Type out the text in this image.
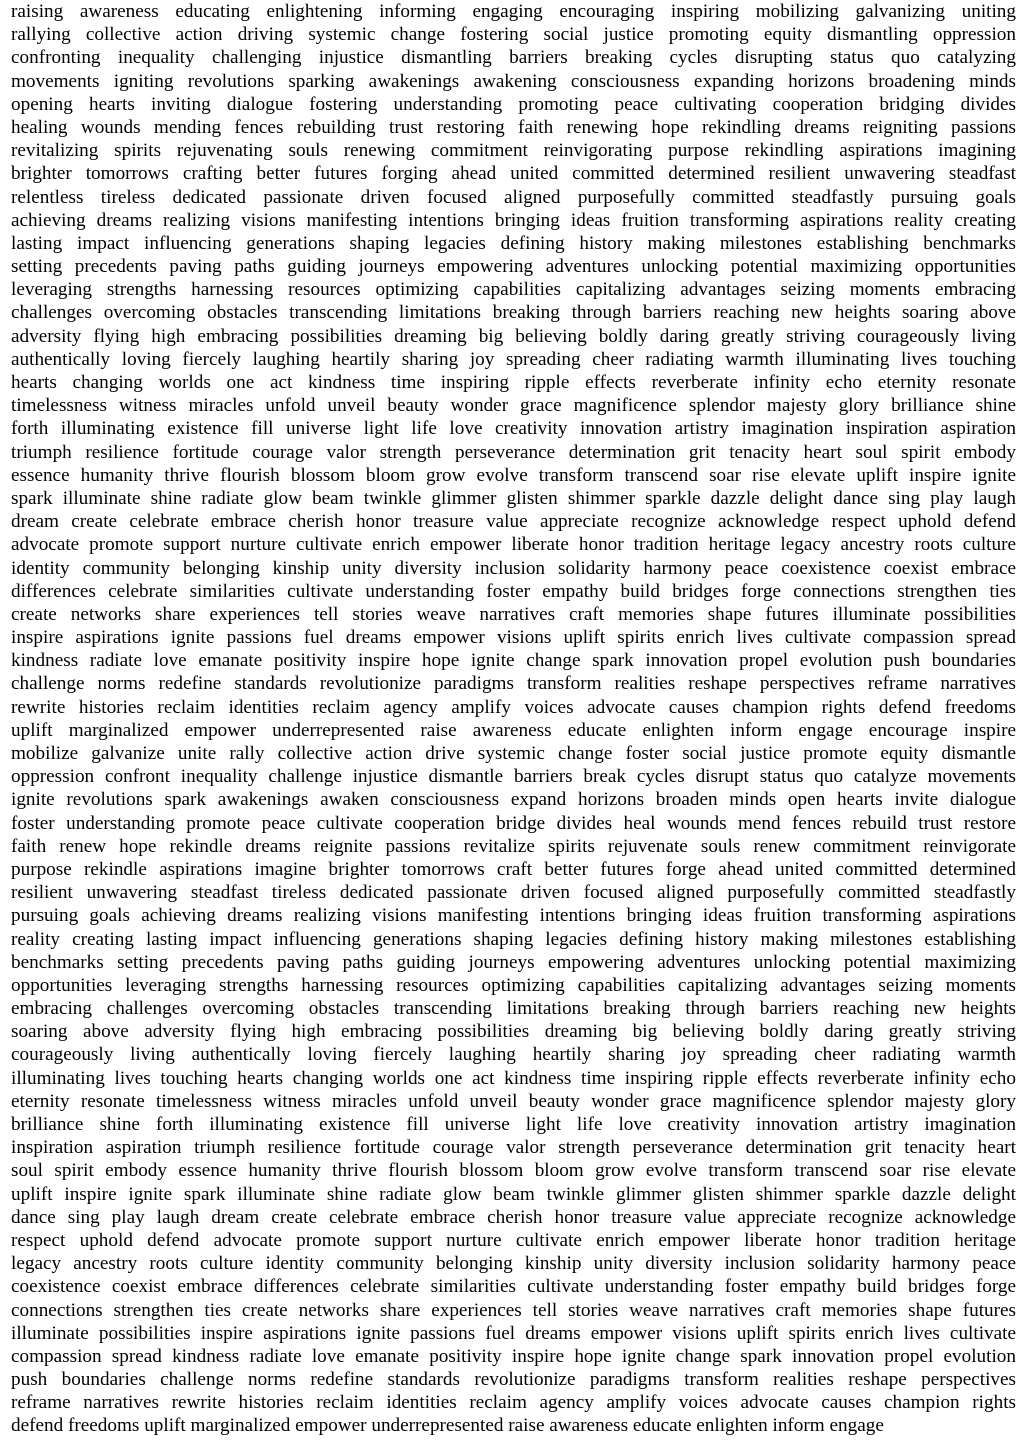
raising awareness educating enlightening informing engaging encouraging inspiring mobilizing galvanizing uniting
rallying collective action driving systemic change fostering social justice promoting equity dismantling oppression
confronting inequality challenging injustice dismantling barriers breaking cycles disrupting status quo catalyzing
movements igniting revolutions sparking awakenings awakening consciousness expanding horizons broadening minds
opening hearts inviting dialogue fostering understanding promoting peace cultivating cooperation bridging divides
healing wounds mending fences rebuilding trust restoring faith renewing hope rekindling dreams reigniting passions
revitalizing spirits rejuvenating souls renewing commitment reinvigorating purpose rekindling aspirations imagining
brighter tomorrows crafting better futures forging ahead united committed determined resilient unwavering steadfast
relentless tireless dedicated passionate driven focused aligned purposefully committed steadfastly pursuing goals
achieving dreams realizing visions manifesting intentions bringing ideas fruition transforming aspirations reality creating
lasting impact influencing generations shaping legacies defining history making milestones establishing benchmarks
setting precedents paving paths guiding journeys empowering adventures unlocking potential maximizing opportunities
leveraging strengths harnessing resources optimizing capabilities capitalizing advantages seizing moments embracing
challenges overcoming obstacles transcending limitations breaking through barriers reaching new heights soaring above
adversity flying high embracing possibilities dreaming big believing boldly daring greatly striving courageously living
authentically loving fiercely laughing heartily sharing joy spreading cheer radiating warmth illuminating lives touching
hearts changing worlds one act kindness time inspiring ripple effects reverberate infinity echo eternity resonate
timelessness witness miracles unfold unveil beauty wonder grace magnificence splendor majesty glory brilliance shine
forth illuminating existence fill universe light life love creativity innovation artistry imagination inspiration aspiration
triumph resilience fortitude courage valor strength perseverance determination grit tenacity heart soul spirit embody
essence humanity thrive flourish blossom bloom grow evolve transform transcend soar rise elevate uplift inspire ignite
spark illuminate shine radiate glow beam twinkle glimmer glisten shimmer sparkle dazzle delight dance sing play laugh
dream create celebrate embrace cherish honor treasure value appreciate recognize acknowledge respect uphold defend
advocate promote support nurture cultivate enrich empower liberate honor tradition heritage legacy ancestry roots culture
identity community belonging kinship unity diversity inclusion solidarity harmony peace coexistence coexist embrace
differences celebrate similarities cultivate understanding foster empathy build bridges forge connections strengthen ties
create networks share experiences tell stories weave narratives craft memories shape futures illuminate possibilities
inspire aspirations ignite passions fuel dreams empower visions uplift spirits enrich lives cultivate compassion spread
kindness radiate love emanate positivity inspire hope ignite change spark innovation propel evolution push boundaries
challenge norms redefine standards revolutionize paradigms transform realities reshape perspectives reframe narratives
rewrite histories reclaim identities reclaim agency amplify voices advocate causes champion rights defend freedoms
uplift marginalized empower underrepresented raise awareness educate enlighten inform engage encourage inspire
mobilize galvanize unite rally collective action drive systemic change foster social justice promote equity dismantle
oppression confront inequality challenge injustice dismantle barriers break cycles disrupt status quo catalyze movements
ignite revolutions spark awakenings awaken consciousness expand horizons broaden minds open hearts invite dialogue
foster understanding promote peace cultivate cooperation bridge divides heal wounds mend fences rebuild trust restore
faith renew hope rekindle dreams reignite passions revitalize spirits rejuvenate souls renew commitment reinvigorate
purpose rekindle aspirations imagine brighter tomorrows craft better futures forge ahead united committed determined
resilient unwavering steadfast tireless dedicated passionate driven focused aligned purposefully committed steadfastly
pursuing goals achieving dreams realizing visions manifesting intentions bringing ideas fruition transforming aspirations
reality creating lasting impact influencing generations shaping legacies defining history making milestones establishing
benchmarks setting precedents paving paths guiding journeys empowering adventures unlocking potential maximizing
opportunities leveraging strengths harnessing resources optimizing capabilities capitalizing advantages seizing moments
embracing challenges overcoming obstacles transcending limitations breaking through barriers reaching new heights
soaring above adversity flying high embracing possibilities dreaming big believing boldly daring greatly striving
courageously living authentically loving fiercely laughing heartily sharing joy spreading cheer radiating warmth
illuminating lives touching hearts changing worlds one act kindness time inspiring ripple effects reverberate infinity echo
eternity resonate timelessness witness miracles unfold unveil beauty wonder grace magnificence splendor majesty glory
brilliance shine forth illuminating existence fill universe light life love creativity innovation artistry imagination
inspiration aspiration triumph resilience fortitude courage valor strength perseverance determination grit tenacity heart
soul spirit embody essence humanity thrive flourish blossom bloom grow evolve transform transcend soar rise elevate
uplift inspire ignite spark illuminate shine radiate glow beam twinkle glimmer glisten shimmer sparkle dazzle delight
dance sing play laugh dream create celebrate embrace cherish honor treasure value appreciate recognize acknowledge
respect uphold defend advocate promote support nurture cultivate enrich empower liberate honor tradition heritage
legacy ancestry roots culture identity community belonging kinship unity diversity inclusion solidarity harmony peace
coexistence coexist embrace differences celebrate similarities cultivate understanding foster empathy build bridges forge
connections strengthen ties create networks share experiences tell stories weave narratives craft memories shape futures
illuminate possibilities inspire aspirations ignite passions fuel dreams empower visions uplift spirits enrich lives cultivate
compassion spread kindness radiate love emanate positivity inspire hope ignite change spark innovation propel evolution
push boundaries challenge norms redefine standards revolutionize paradigms transform realities reshape perspectives
reframe narratives rewrite histories reclaim identities reclaim agency amplify voices advocate causes champion rights
defend freedoms uplift marginalized empower underrepresented raise awareness educate enlighten inform engage
